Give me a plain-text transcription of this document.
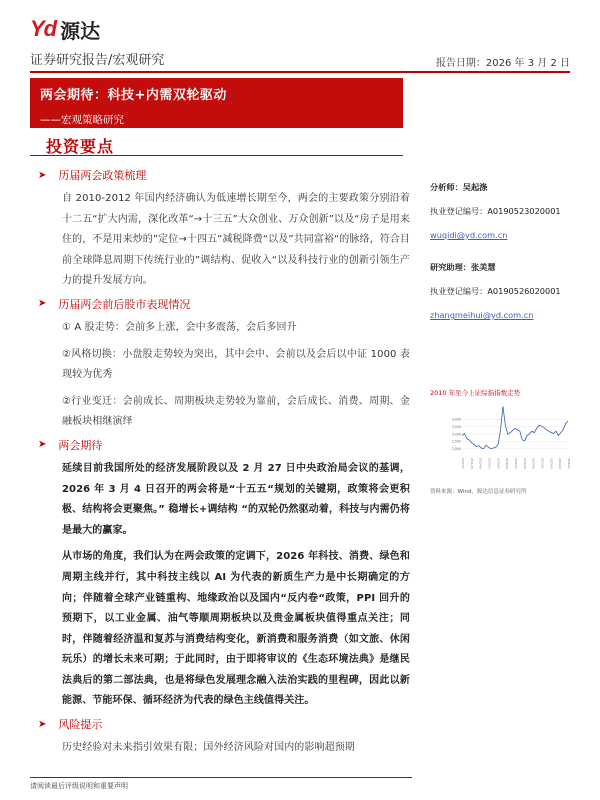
Yd 源达
证券研究报告/宏观研究	报告日期：2026 年 3 月 2 日
两会期待：科技+内需双轮驱动
——宏观策略研究
投资要点
➤ 历届两会政策梳理

自 2010-2012 年国内经济确认为低速增长期至今，两会的主要政策分别沿着十二五“扩大内需，深化改革“→十三五”大众创业、万众创新”以及“房子是用来住的，不是用来炒的”定位→十四五”减税降费“以及”共同富裕“的脉络，符合目前全球降息周期下传统行业的”调结构、促收入“以及科技行业的创新引领生产力的提升发展方向。

➤ 历届两会前后股市表现情况

① A 股走势：会前多上涨，会中多震荡，会后多回升

②风格切换：小盘股走势较为突出，其中会中、会前以及会后以中证 1000 表现较为优秀

②行业变迁：会前成长、周期板块走势较为靠前，会后成长、消费、周期、金融板块相继演绎

➤ 两会期待

延续目前我国所处的经济发展阶段以及 2 月 27 日中央政治局会议的基调，2026 年 3 月 4 日召开的两会将是“十五五“规划的关键期，政策将会更积极、结构将会更聚焦。” 稳增长+调结构 “的双轮仍然驱动着，科技与内需仍将是最大的赢家。

从市场的角度，我们认为在两会政策的定调下，2026 年科技、消费、绿色和周期主线并行，其中科技主线以 AI 为代表的新质生产力是中长期确定的方向；伴随着全球产业链重构、地缘政治以及国内“反内卷“政策，PPI 回升的预期下，以工业金属、油气等顺周期板块以及贵金属板块值得重点关注；同时，伴随着经济温和复苏与消费结构变化，新消费和服务消费（如文旅、休闲玩乐）的增长未来可期；于此同时，由于即将审议的《生态环境法典》是继民法典后的第二部法典，也是将绿色发展理念融入法治实践的里程碑，因此以新能源、节能环保、循环经济为代表的绿色主线值得关注。

➤ 风险提示

历史经验对未来指引效果有限；国外经济风险对国内的影响超预期

分析师：吴起涤
执业登记编号：A0190523020001
wuqidi@yd.com.cn
研究助理：张美慧
执业登记编号：A0190526020001
zhangmeihui@yd.com.cn
2010 年至今上证综指指数走势
4,000
3,500
3,000
2,500
2,000
2010-01	2011-05	2012-09	2014-01	2015-05	2016-09	2018-01	2019-05	2020-09	2022-01	2023-05	2024-09	2026-01
资料来源：Wind，源达信息证券研究所
请阅读最后评级说明和重要声明
